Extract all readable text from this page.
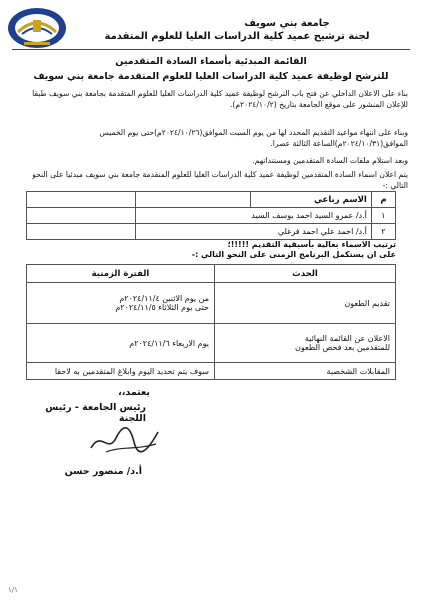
جامعة بني سويف
لجنة ترشيح عميد كلية الدراسات العليا للعلوم المتقدمة
القائمة المبدئية بأسماء السادة المتقدمين
للترشح لوظيفة عميد كلية الدراسات العليا للعلوم المتقدمة جامعة بني سويف
بناء على الاعلان الداخلي عن فتح باب الترشح لوظيفة عميد كلية الدراسات العليا للعلوم المتقدمة بجامعة بني سويف طبقا للإعلان المنشور على موقع الجامعة بتاريخ (٢٠٢٤/١٠/٢م).
وبناء على انتهاء مواعيد التقديم المحدد لها من يوم السبت الموافق(٢٠٢٤/١٠/٢٦م)حتى يوم الخميس الموافق(٢٠٢٤/١٠/٣١م)الساعة الثالثة عصرا.
وبعد استلام ملفات السادة المتقدمين ومستنداتهم.
يتم اعلان اسماء السادة المتقدمين لوظيفة عميد كلية الدراسات العليا للعلوم المتقدمة جامعة بني سويف مبدئيا على النحو التالي :-
م	الاسم رباعي		
١	أ.د/ عمرو السيد احمد يوسف السيد		
٢	أ.د/ احمد علي احمد فرغلي		
ترتيب الاسماء بعالية بأسبقية التقديم !!!!!؛
على ان يستكمل البرنامج الزمنى على النحو التالي :-
الحدث	الفترة الزمنية
تقديم الطعون	من يوم الاثنين ٢٠٢٤/١١/٤م
حتى يوم الثلاثاء ٢٠٢٤/١١/٥م

الاعلان عن القائمة النهائية
للمتقدمين بعد فحص الطعون	يوم الاربعاء ٢٠٢٤/١١/٦م
المقابلات الشخصية	سوف يتم تحديد اليوم وابلاغ المتقدمين به لاحقا
يعتمد،،
رئيس الجامعة - رئيس اللجنة
أ.د/ منصور حسن
١/١
